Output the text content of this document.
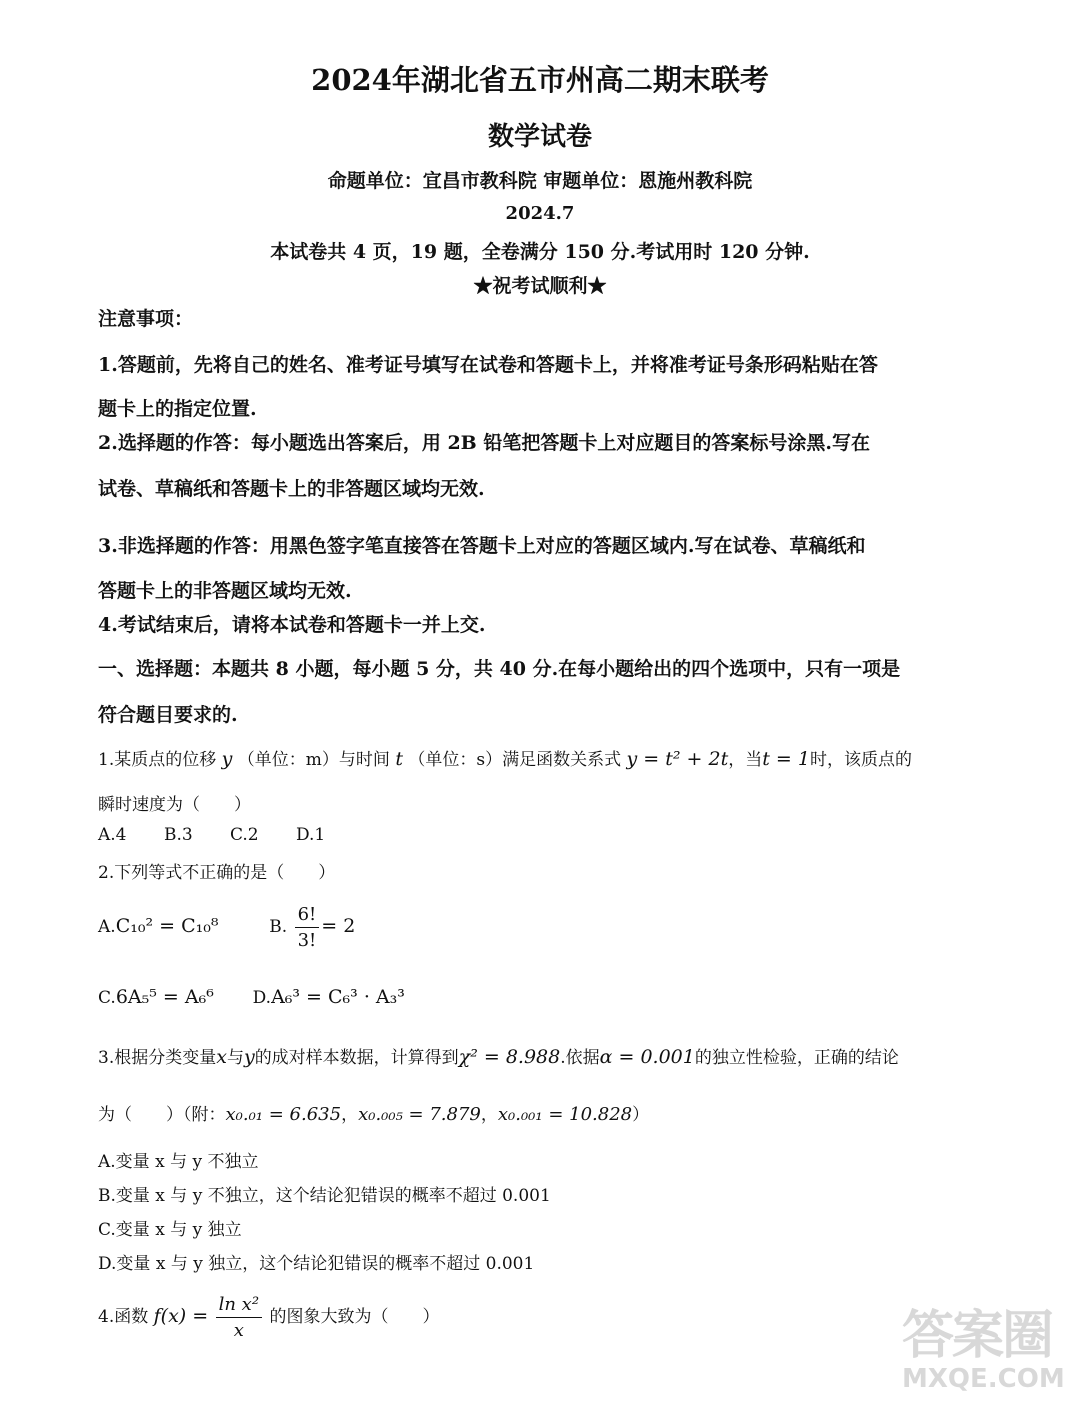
2024年湖北省五市州高二期末联考
数学试卷
命题单位：宜昌市教科院 审题单位：恩施州教科院
2024.7
本试卷共 4 页，19 题，全卷满分 150 分.考试用时 120 分钟.
★祝考试顺利★
注意事项：
1.答题前，先将自己的姓名、准考证号填写在试卷和答题卡上，并将准考证号条形码粘贴在答
题卡上的指定位置.
2.选择题的作答：每小题选出答案后，用 2B 铅笔把答题卡上对应题目的答案标号涂黑.写在
试卷、草稿纸和答题卡上的非答题区域均无效.
3.非选择题的作答：用黑色签字笔直接答在答题卡上对应的答题区域内.写在试卷、草稿纸和
答题卡上的非答题区域均无效.
4.考试结束后，请将本试卷和答题卡一并上交.
一、选择题：本题共 8 小题，每小题 5 分，共 40 分.在每小题给出的四个选项中，只有一项是
符合题目要求的.
1.某质点的位移 y （单位：m）与时间 t （单位：s）满足函数关系式 y = t² + 2t，当t = 1时，该质点的
瞬时速度为（　　）
A.4 B.3 C.2 D.1
2.下列等式不正确的是（　　）
A.C₁₀² = C₁₀⁸	B. $\frac{6!}{3!} = 2$
C.6A₅⁵ = A₆⁶ D.A₆³ = C₆³ · A₃³
3.根据分类变量x与y的成对样本数据，计算得到χ² = 8.988.依据α = 0.001的独立性检验，正确的结论
为（　　）（附：x₀.₀₁ = 6.635，x₀.₀₀₅ = 7.879，x₀.₀₀₁ = 10.828）
A.变量 x 与 y 不独立
B.变量 x 与 y 不独立，这个结论犯错误的概率不超过 0.001
C.变量 x 与 y 独立
D.变量 x 与 y 独立，这个结论犯错误的概率不超过 0.001
4.函数 $f(x) = \frac{\text{ln x²}}{x}$ 的图象大致为（　　）	答案圈
MXQE.COM
